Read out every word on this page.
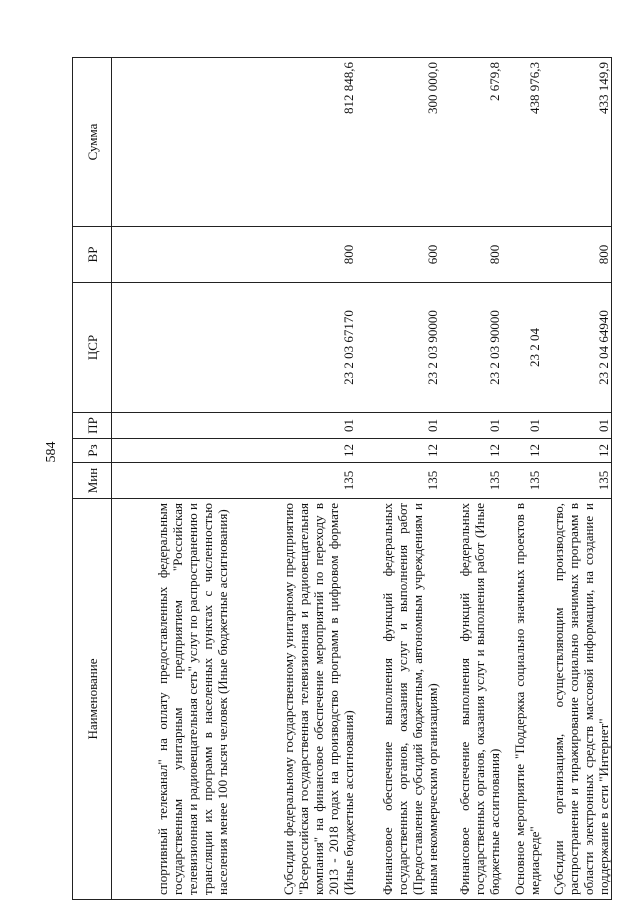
584
Наименование	Мин	Рз	ПР	ЦСР	ВР	Сумма
спортивный телеканал" на оплату предоставленных федеральным государственным унитарным предприятием "Российская телевизионная и радиовещательная сеть" услуг по распространению и трансляции их программ в населенных пунктах с численностью населения менее 100 тысяч человек (Иные бюджетные ассигнования)						
Субсидии федеральному государственному унитарному предприятию "Всероссийская государственная телевизионная и радиовещательная компания" на финансовое обеспечение мероприятий по переходу в 2013 - 2018 годах на производство программ в цифровом формате (Иные бюджетные ассигнования)	135	12	01	23 2 03 67170	800	812 848,6
Финансовое обеспечение выполнения функций федеральных государственных органов, оказания услуг и выполнения работ (Предоставление субсидий бюджетным, автономным учреждениям и иным некоммерческим организациям)	135	12	01	23 2 03 90000	600	300 000,0
Финансовое обеспечение выполнения функций федеральных государственных органов, оказания услуг и выполнения работ (Иные бюджетные ассигнования)	135	12	01	23 2 03 90000	800	2 679,8
Основное мероприятие "Поддержка социально значимых проектов в медиасреде"	135	12	01	23 2 04		438 976,3
Субсидии организациям, осуществляющим производство, распространение и тиражирование социально значимых программ в области электронных средств массовой информации, на создание и поддержание в сети "Интернет"	135	12	01	23 2 04 64940	800	433 149,9
